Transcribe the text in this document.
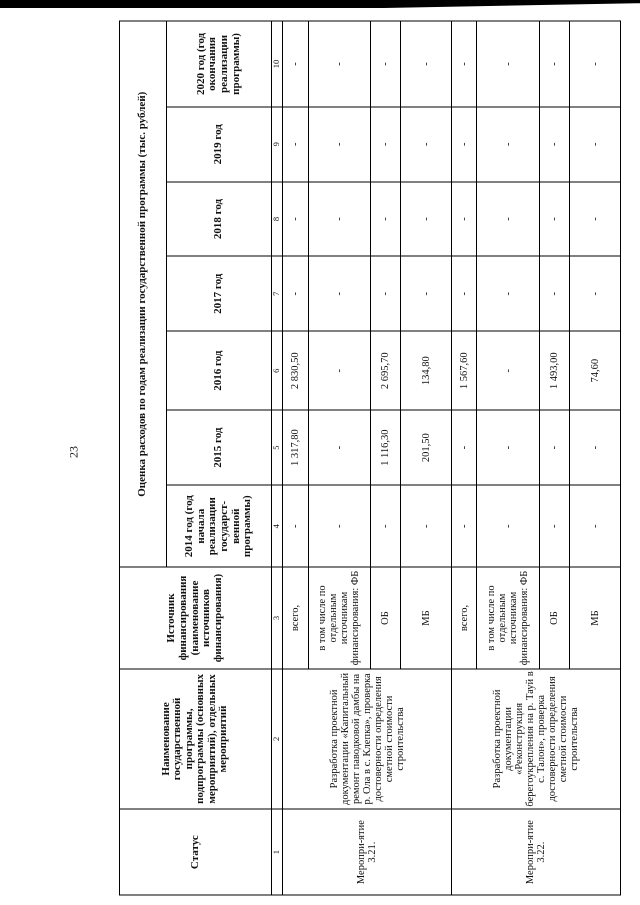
23
Статус	Наименование государственной программы, подпрограммы (основных мероприятий), отдельных мероприятий	Источник финансирования (наименование источников финансирования)	Оценка расходов по годам реализации государственной программы (тыс. рублей)						
			2014 год (год начала реализации государст-венной программы)	2015 год	2016 год	2017 год	2018 год	2019 год	2020 год (год окончания реализации программы)
1	2	3	4	5	6	7	8	9	10
Меропри-ятие 3.21.	Разработка проектной документации «Капитальный ремонт паводковой дамбы на р. Ола в с. Клепка», проверка достоверности определения сметной стоимости строительства	всего,	-	1 317,80	2 830,50	-	-	-	-
		в том числе по отдельным источникам финансирования: ФБ	-	-	-	-	-	-	-
		ОБ	-	1 116,30	2 695,70	-	-	-	-
		МБ	-	201,50	134,80	-	-	-	-
Меропри-ятие 3.22.	Разработка проектной документации «Реконструкция берегоукрепления на р. Тауй в с. Талон», проверка достоверности определения сметной стоимости строительства	всего,	-	-	1 567,60	-	-	-	-
		в том числе по отдельным источникам финансирования: ФБ	-	-	-	-	-	-	-
		ОБ	-	-	1 493,00	-	-	-	-
		МБ	-	-	74,60	-	-	-	-
